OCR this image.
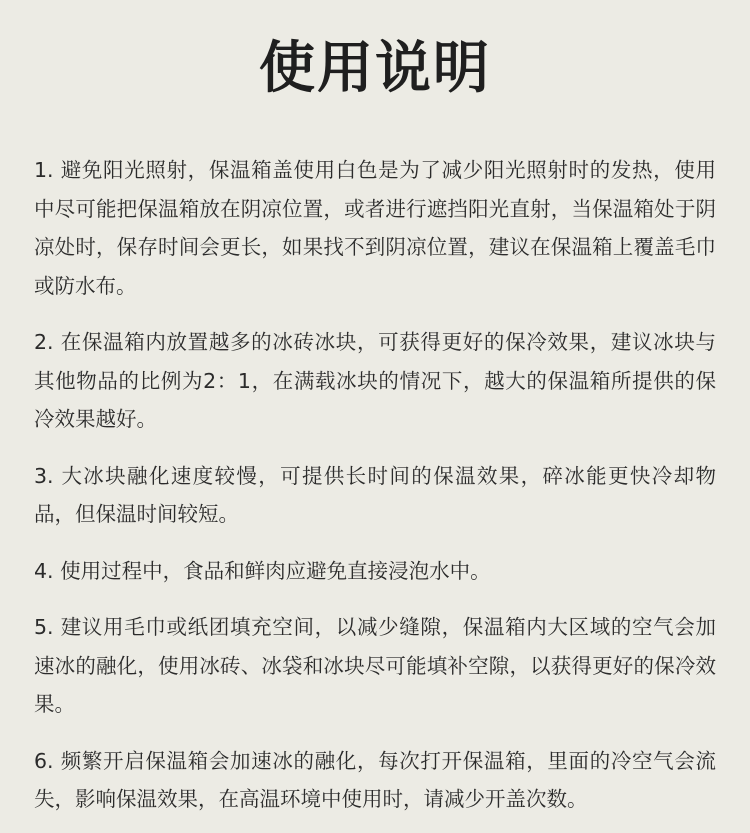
使用说明
1. 避免阳光照射，保温箱盖使用白色是为了减少阳光照射时的发热，使用中尽可能把保温箱放在阴凉位置，或者进行遮挡阳光直射，当保温箱处于阴凉处时，保存时间会更长，如果找不到阴凉位置，建议在保温箱上覆盖毛巾或防水布。
2. 在保温箱内放置越多的冰砖冰块，可获得更好的保冷效果，建议冰块与其他物品的比例为2：1，在满载冰块的情况下，越大的保温箱所提供的保冷效果越好。
3. 大冰块融化速度较慢，可提供长时间的保温效果，碎冰能更快冷却物品，但保温时间较短。
4. 使用过程中，食品和鲜肉应避免直接浸泡水中。
5. 建议用毛巾或纸团填充空间，以减少缝隙，保温箱内大区域的空气会加速冰的融化，使用冰砖、冰袋和冰块尽可能填补空隙，以获得更好的保冷效果。
6. 频繁开启保温箱会加速冰的融化，每次打开保温箱，里面的冷空气会流失，影响保温效果，在高温环境中使用时，请减少开盖次数。
